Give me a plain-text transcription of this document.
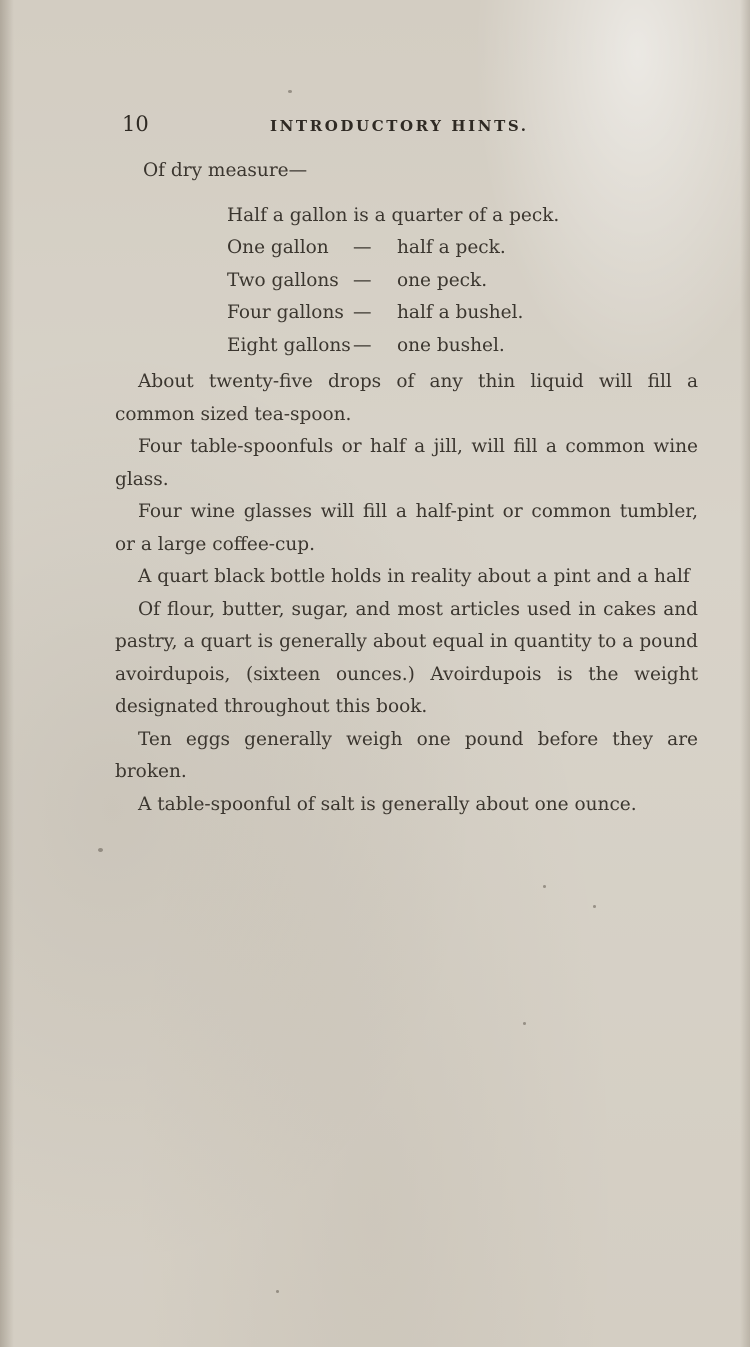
10	INTRODUCTORY HINTS.

Of dry measure—

Half a gallon is a quarter of a peck.		
One gallon	—	half a peck.
Two gallons	—	one peck.
Four gallons	—	half a bushel.
Eight gallons	—	one bushel.

About twenty-five drops of any thin liquid will fill a common sized tea-spoon.

Four table-spoonfuls or half a jill, will fill a common wine glass.

Four wine glasses will fill a half-pint or common tumbler, or a large coffee-cup.

A quart black bottle holds in reality about a pint and a half

Of flour, butter, sugar, and most articles used in cakes and pastry, a quart is generally about equal in quantity to a pound avoirdupois, (sixteen ounces.) Avoirdupois is the weight designated throughout this book.

Ten eggs generally weigh one pound before they are broken.

A table-spoonful of salt is generally about one ounce.
